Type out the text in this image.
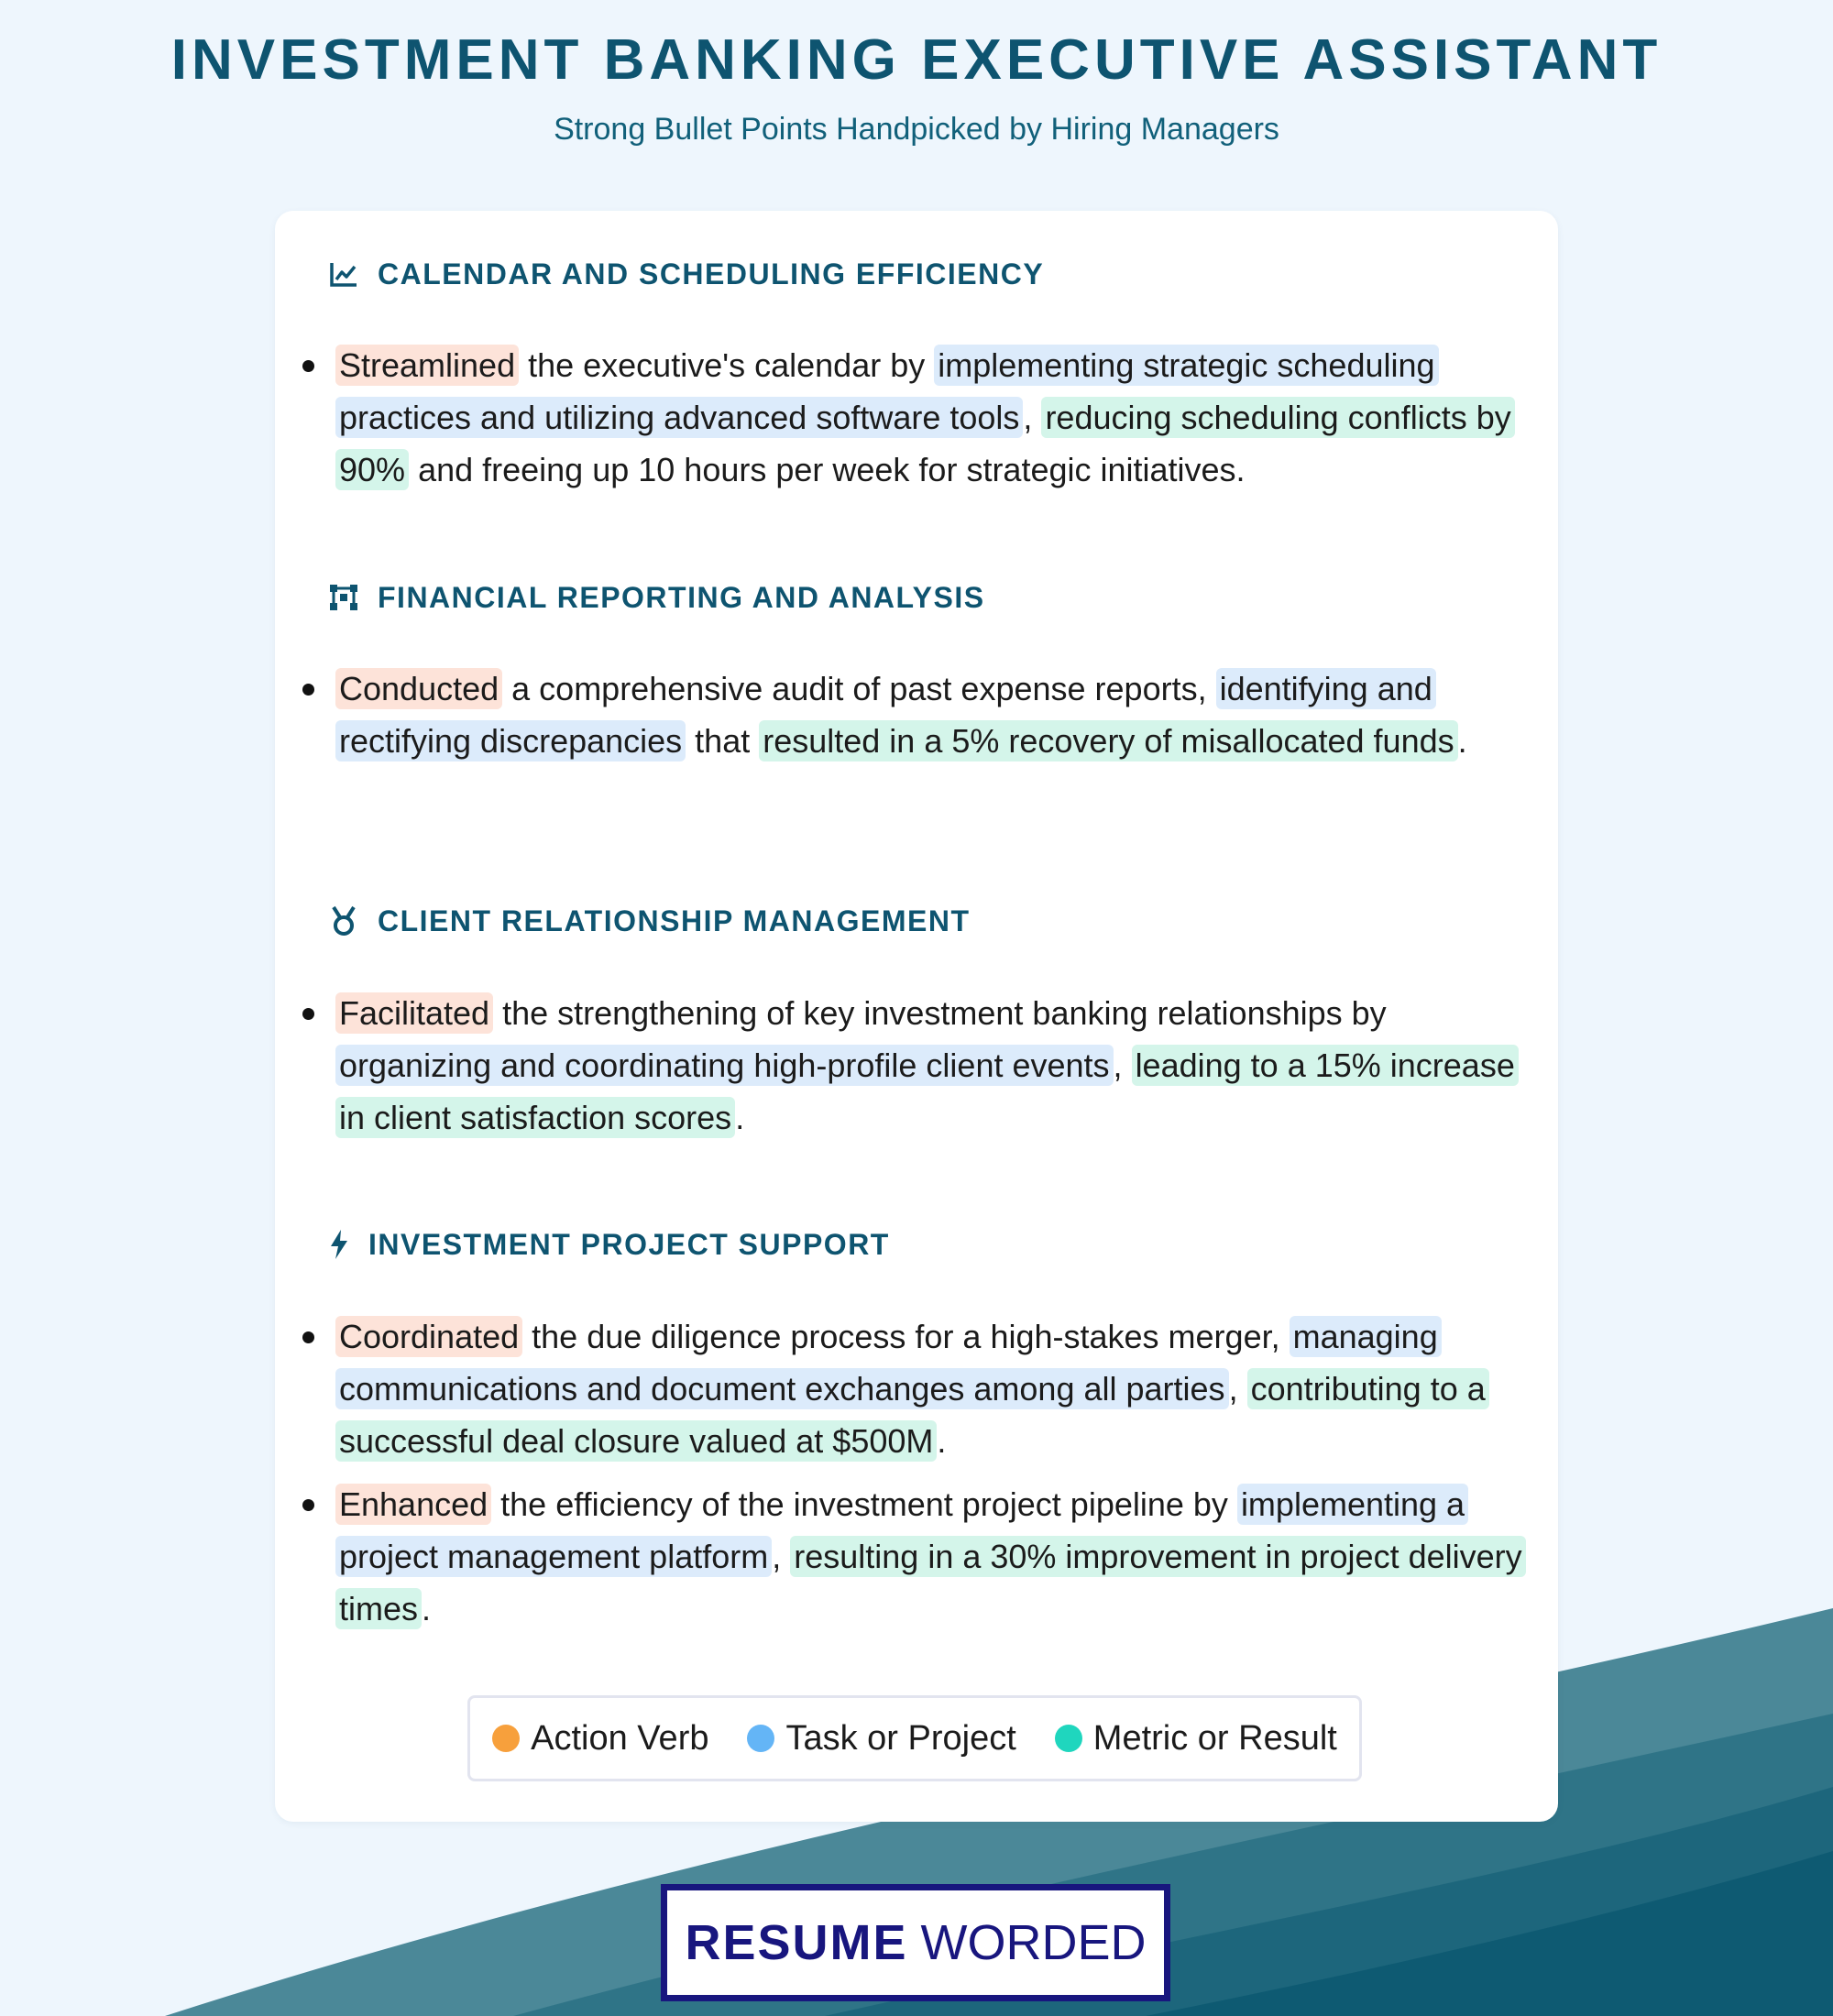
INVESTMENT BANKING EXECUTIVE ASSISTANT
Strong Bullet Points Handpicked by Hiring Managers
CALENDAR AND SCHEDULING EFFICIENCY
Streamlined the executive's calendar by implementing strategic scheduling practices and utilizing advanced software tools , reducing scheduling conflicts by 90% and freeing up 10 hours per week for strategic initiatives.
FINANCIAL REPORTING AND ANALYSIS
Conducted a comprehensive audit of past expense reports, identifying and rectifying discrepancies that resulted in a 5% recovery of misallocated funds .
CLIENT RELATIONSHIP MANAGEMENT
Facilitated the strengthening of key investment banking relationships by organizing and coordinating high-profile client events , leading to a 15% increase in client satisfaction scores .
INVESTMENT PROJECT SUPPORT
Coordinated the due diligence process for a high-stakes merger, managing communications and document exchanges among all parties , contributing to a successful deal closure valued at $500M .
Enhanced the efficiency of the investment project pipeline by implementing a project management platform , resulting in a 30% improvement in project delivery times .
Action Verb Task or Project Metric or Result
RESUME WORDED
